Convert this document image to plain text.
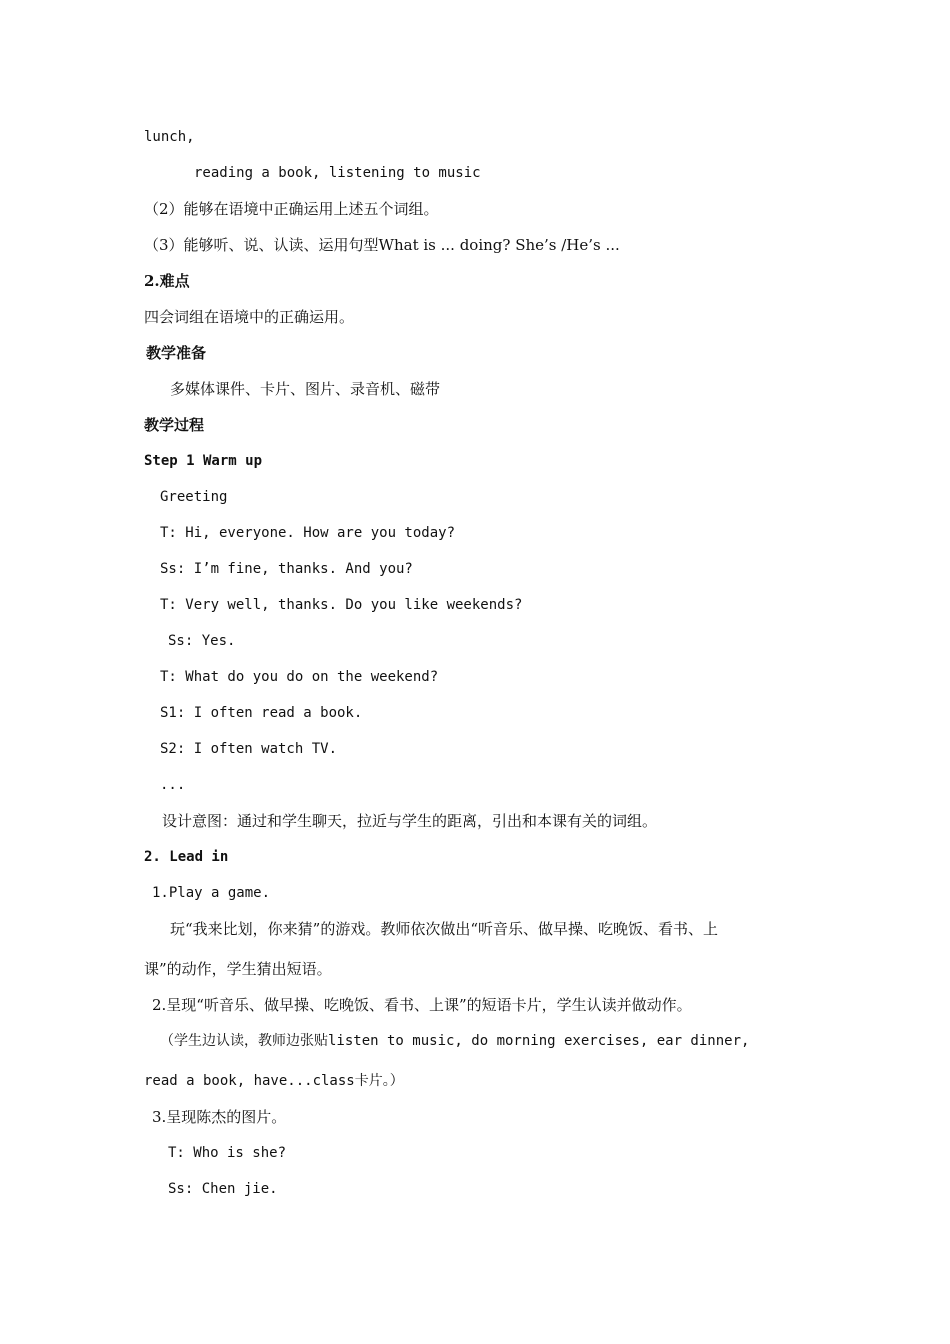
lunch,
reading a book, listening to music
（2）能够在语境中正确运用上述五个词组。
（3）能够听、说、认读、运用句型What is ... doing? She’s /He’s ...
2.难点
四会词组在语境中的正确运用。
教学准备
多媒体课件、卡片、图片、录音机、磁带
教学过程
Step 1 Warm up
Greeting
T: Hi, everyone. How are you today?
Ss: I’m fine, thanks. And you?
T: Very well, thanks. Do you like weekends?
Ss: Yes.
T: What do you do on the weekend?
S1: I often read a book.
S2: I often watch TV.
...
设计意图：通过和学生聊天，拉近与学生的距离，引出和本课有关的词组。
2. Lead in
1.Play a game.
玩“我来比划，你来猜”的游戏。教师依次做出“听音乐、做早操、吃晚饭、看书、上
课”的动作，学生猜出短语。
2.呈现“听音乐、做早操、吃晚饭、看书、上课”的短语卡片，学生认读并做动作。
（学生边认读，教师边张贴listen to music, do morning exercises, ear dinner,
read a book, have...class卡片。）
3.呈现陈杰的图片。
T: Who is she?
Ss: Chen jie.
